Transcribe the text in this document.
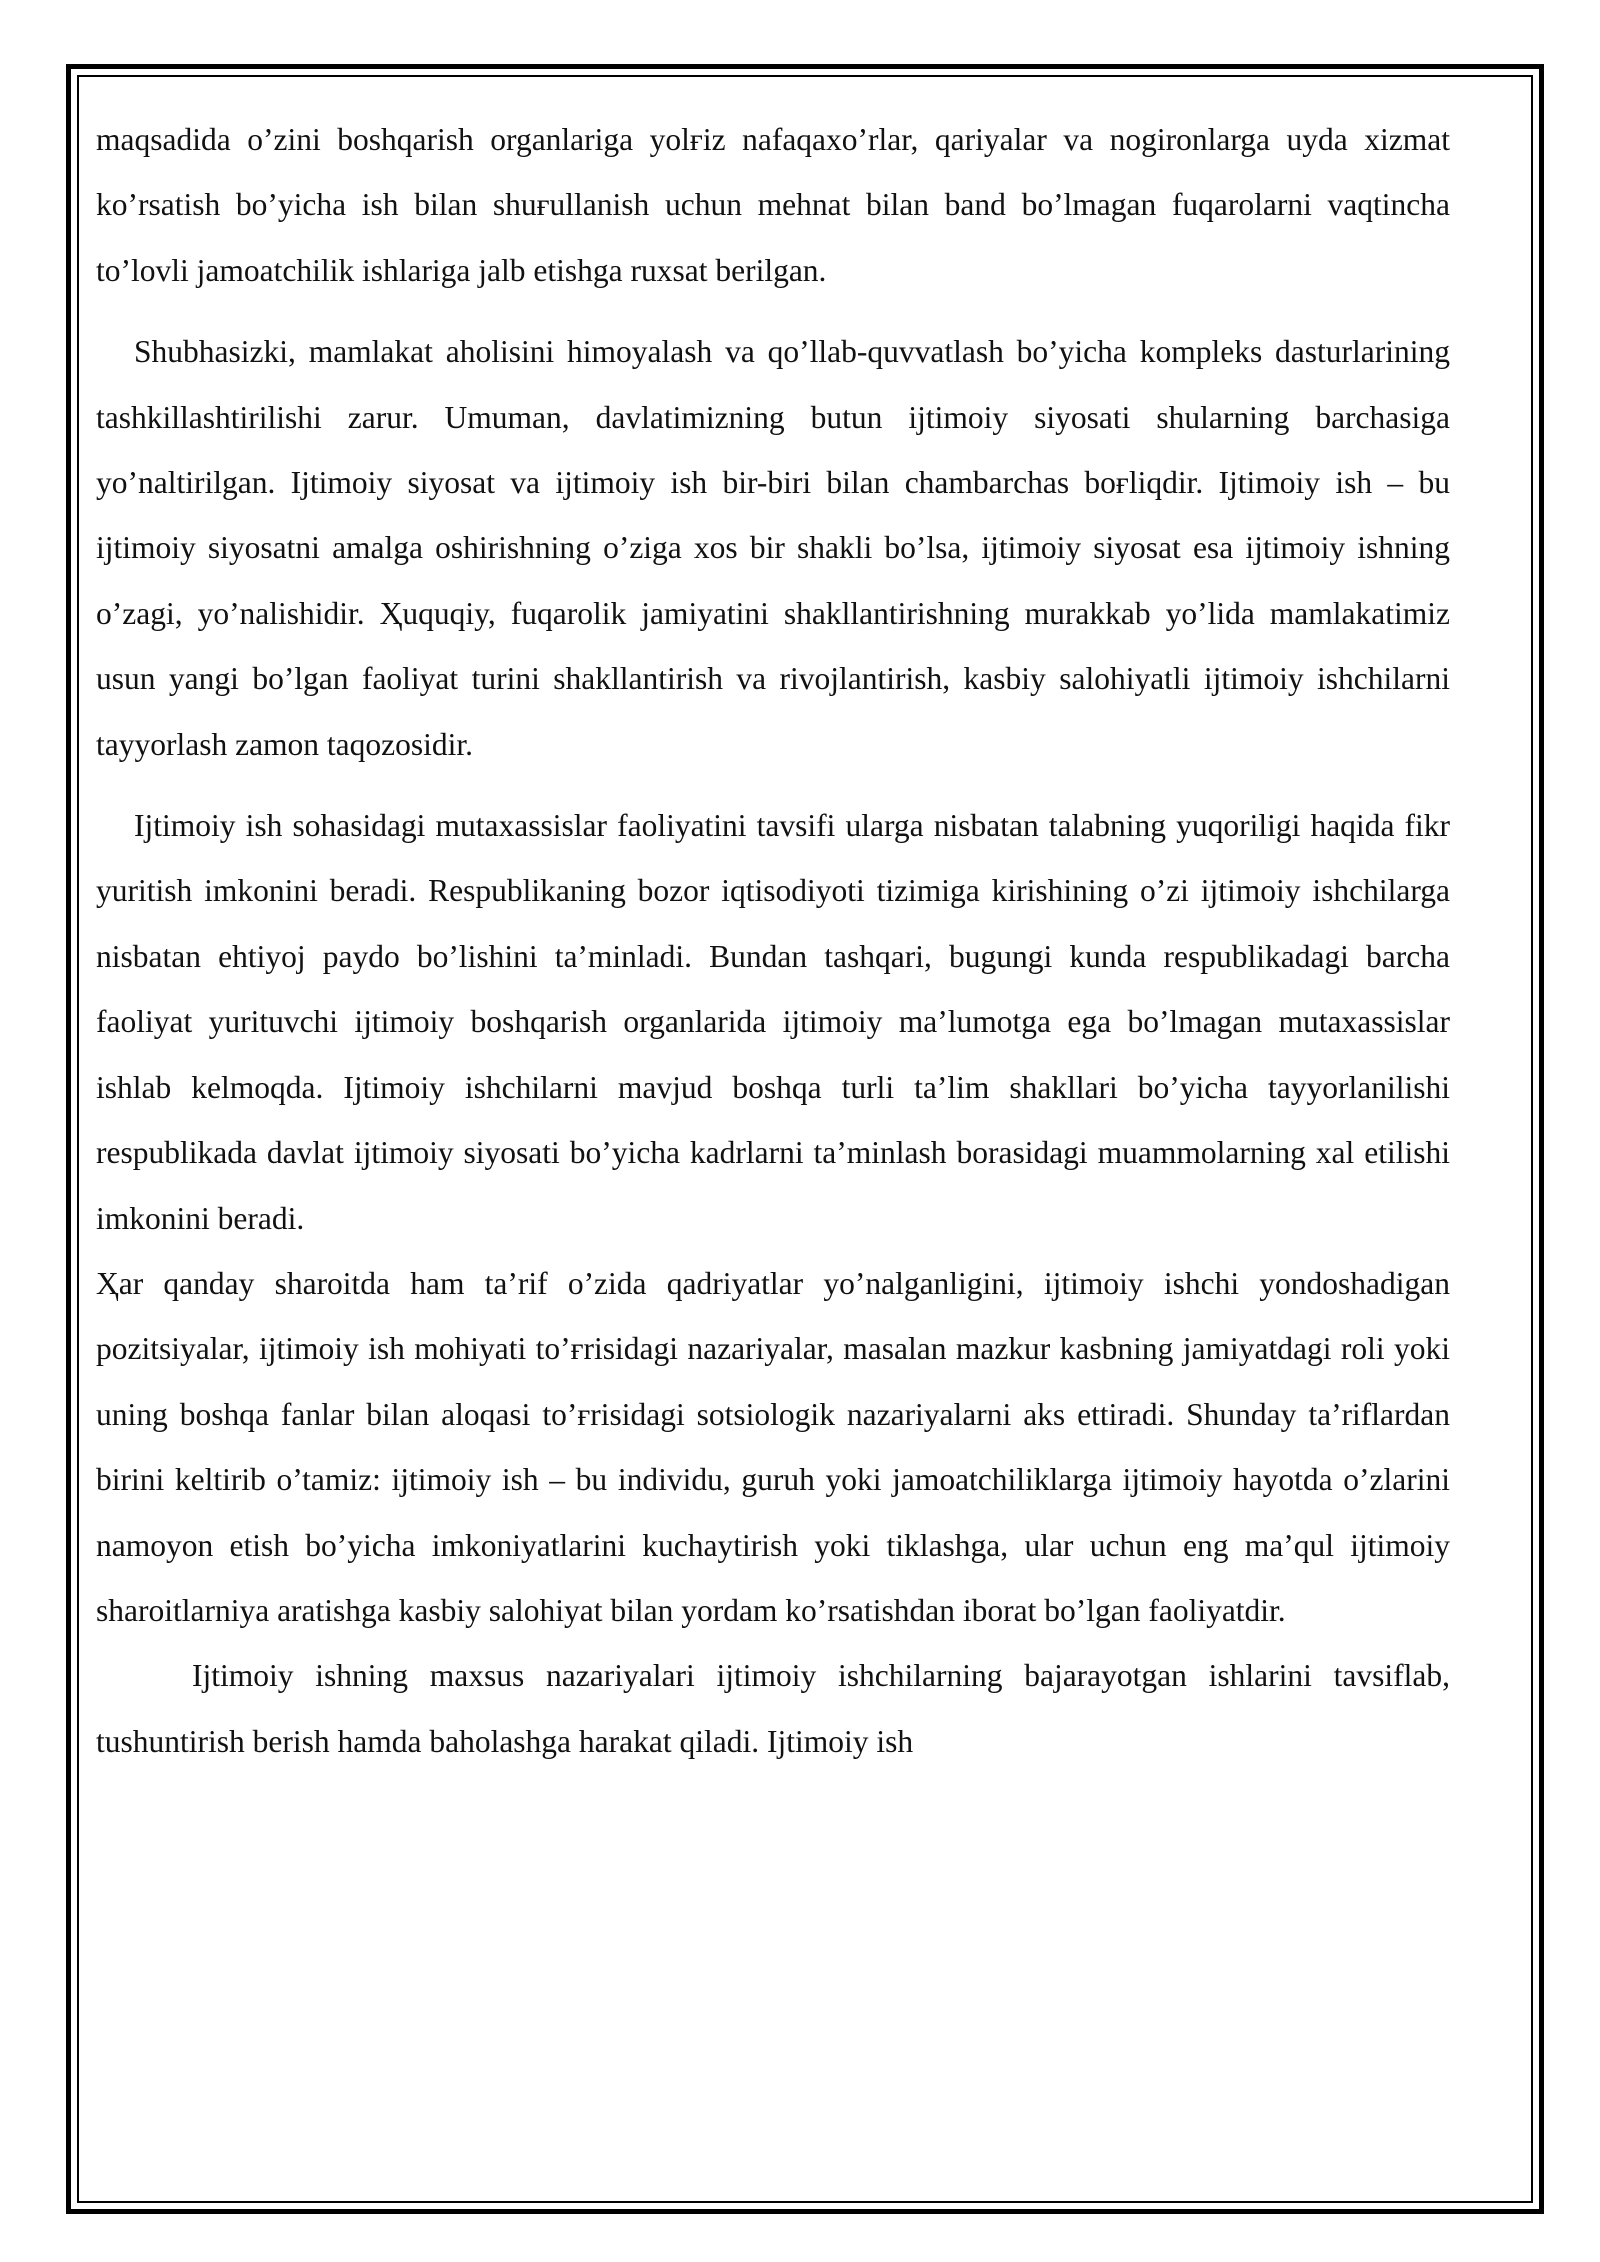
maqsadida o’zini boshqarish organlariga yolғiz nafaqaxo’rlar, qariyalar va nogironlarga uyda xizmat ko’rsatish bo’yicha ish bilan shuғullanish uchun mehnat bilan band bo’lmagan fuqarolarni vaqtincha to’lovli jamoatchilik ishlariga jalb etishga ruxsat berilgan.

Shubhasizki, mamlakat aholisini himoyalash va qo’llab-quvvatlash bo’yicha kompleks dasturlarining tashkillashtirilishi zarur. Umuman, davlatimizning butun ijtimoiy siyosati shularning barchasiga yo’naltirilgan. Ijtimoiy siyosat va ijtimoiy ish bir-biri bilan chambarchas boғliqdir. Ijtimoiy ish – bu ijtimoiy siyosatni amalga oshirishning o’ziga xos bir shakli bo’lsa, ijtimoiy siyosat esa ijtimoiy ishning o’zagi, yo’nalishidir. Ҳuquqiy, fuqarolik jamiyatini shakllantirishning murakkab yo’lida mamlakatimiz usun yangi bo’lgan faoliyat turini shakllantirish va rivojlantirish, kasbiy salohiyatli ijtimoiy ishchilarni tayyorlash zamon taqozosidir.

Ijtimoiy ish sohasidagi mutaxassislar faoliyatini tavsifi ularga nisbatan talabning yuqoriligi haqida fikr yuritish imkonini beradi. Respublikaning bozor iqtisodiyoti tizimiga kirishining o’zi ijtimoiy ishchilarga nisbatan ehtiyoj paydo bo’lishini ta’minladi. Bundan tashqari, bugungi kunda respublikadagi barcha faoliyat yurituvchi ijtimoiy boshqarish organlarida ijtimoiy ma’lumotga ega bo’lmagan mutaxassislar ishlab kelmoqda. Ijtimoiy ishchilarni mavjud boshqa turli ta’lim shakllari bo’yicha tayyorlanilishi respublikada davlat ijtimoiy siyosati bo’yicha kadrlarni ta’minlash borasidagi muammolarning xal etilishi imkonini beradi.

Ҳar qanday sharoitda ham ta’rif o’zida qadriyatlar yo’nalganligini, ijtimoiy ishchi yondoshadigan pozitsiyalar, ijtimoiy ish mohiyati to’ғrisidagi nazariyalar, masalan mazkur kasbning jamiyatdagi roli yoki uning boshqa fanlar bilan aloqasi to’ғrisidagi sotsiologik nazariyalarni aks ettiradi. Shunday ta’riflardan birini keltirib o’tamiz: ijtimoiy ish – bu individu, guruh yoki jamoatchiliklarga ijtimoiy hayotda o’zlarini namoyon etish bo’yicha imkoniyatlarini kuchaytirish yoki tiklashga, ular uchun eng ma’qul ijtimoiy sharoitlarniya aratishga kasbiy salohiyat bilan yordam ko’rsatishdan iborat bo’lgan faoliyatdir.

Ijtimoiy ishning maxsus nazariyalari ijtimoiy ishchilarning bajarayotgan ishlarini tavsiflab, tushuntirish berish hamda baholashga harakat qiladi. Ijtimoiy ish
